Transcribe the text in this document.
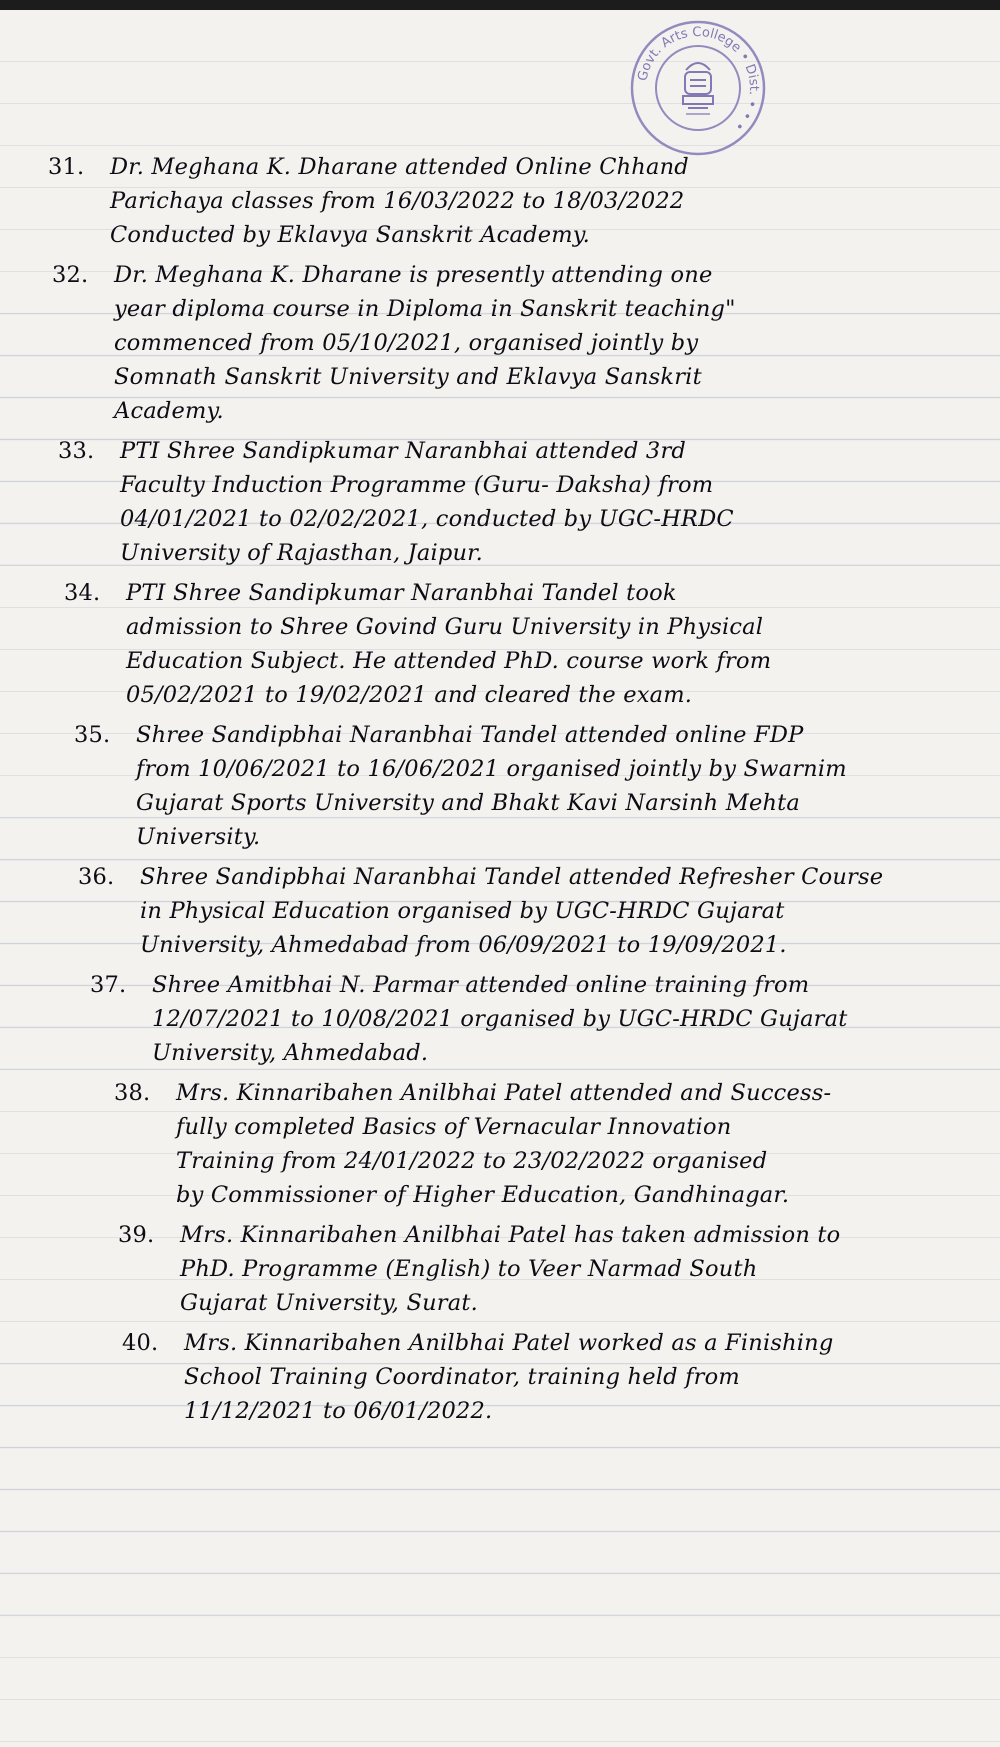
Govt. Arts College • Dist. • • •
31.	Dr. Meghana K. Dharane attended Online Chhand
Parichaya classes from 16/03/2022 to 18/03/2022
Conducted by Eklavya Sanskrit Academy.
32.	Dr. Meghana K. Dharane is presently attending one
year diploma course in Diploma in Sanskrit teaching"
commenced from 05/10/2021, organised jointly by
Somnath Sanskrit University and Eklavya Sanskrit
Academy.
33.	PTI Shree Sandipkumar Naranbhai attended 3rd
Faculty Induction Programme (Guru- Daksha) from
04/01/2021 to 02/02/2021, conducted by UGC-HRDC
University of Rajasthan, Jaipur.
34.	PTI Shree Sandipkumar Naranbhai Tandel took
admission to Shree Govind Guru University in Physical
Education Subject. He attended PhD. course work from
05/02/2021 to 19/02/2021 and cleared the exam.
35.	Shree Sandipbhai Naranbhai Tandel attended online FDP
from 10/06/2021 to 16/06/2021 organised jointly by Swarnim
Gujarat Sports University and Bhakt Kavi Narsinh Mehta
University.
36.	Shree Sandipbhai Naranbhai Tandel attended Refresher Course
in Physical Education organised by UGC-HRDC Gujarat
University, Ahmedabad from 06/09/2021 to 19/09/2021.
37.	Shree Amitbhai N. Parmar attended online training from
12/07/2021 to 10/08/2021 organised by UGC-HRDC Gujarat
University, Ahmedabad.
38.	Mrs. Kinnaribahen Anilbhai Patel attended and Success-
fully completed Basics of Vernacular Innovation
Training from 24/01/2022 to 23/02/2022 organised
by Commissioner of Higher Education, Gandhinagar.
39.	Mrs. Kinnaribahen Anilbhai Patel has taken admission to
PhD. Programme (English) to Veer Narmad South
Gujarat University, Surat.
40.	Mrs. Kinnaribahen Anilbhai Patel worked as a Finishing
School Training Coordinator, training held from
11/12/2021 to 06/01/2022.
